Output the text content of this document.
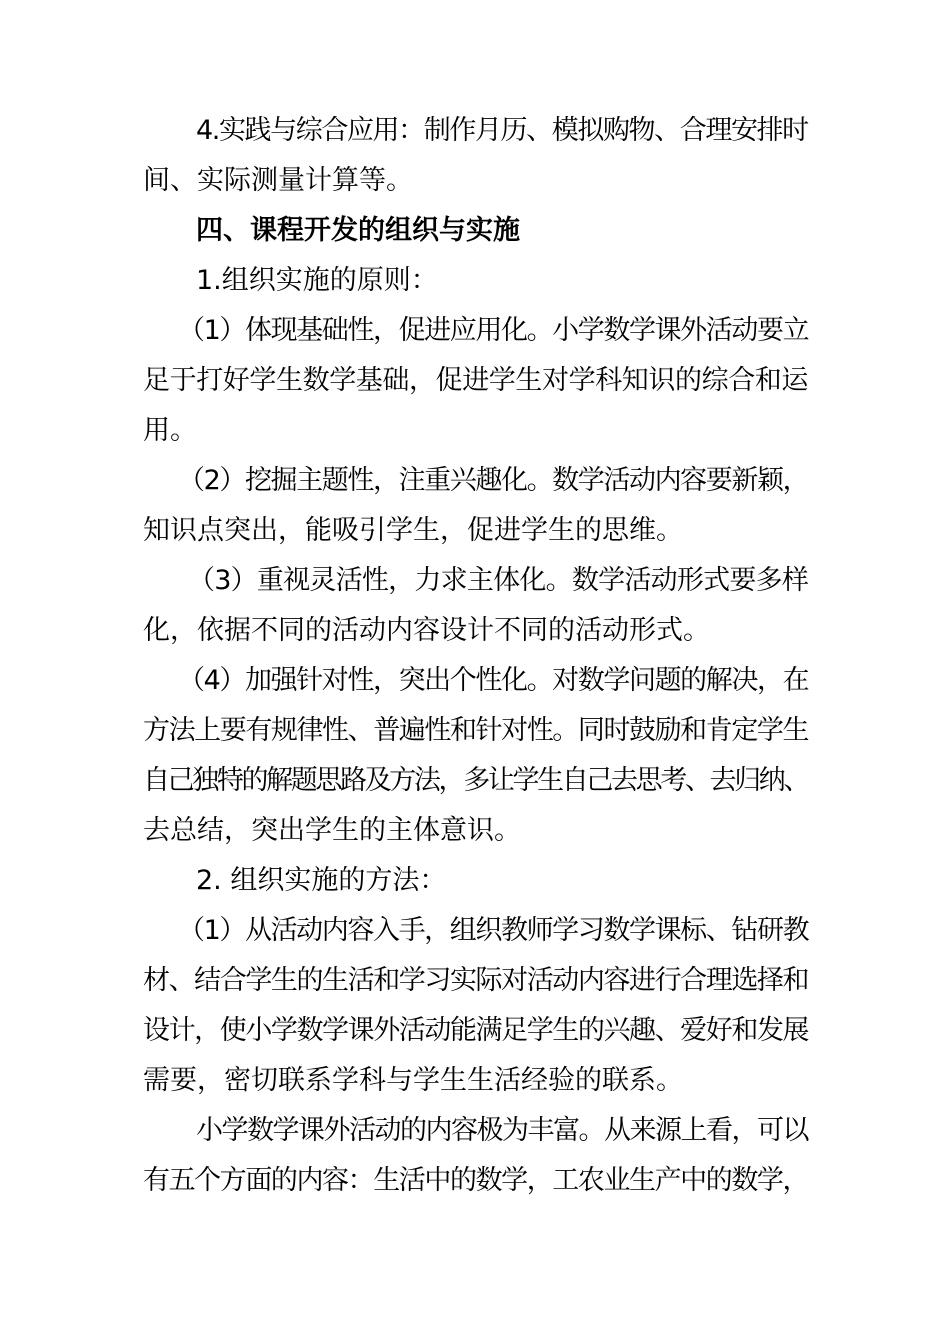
4.实践与综合应用：制作月历、模拟购物、合理安排时
间、实际测量计算等。
四、课程开发的组织与实施
1.组织实施的原则：
（1）体现基础性，促进应用化。小学数学课外活动要立
足于打好学生数学基础，促进学生对学科知识的综合和运
用。
（2）挖掘主题性，注重兴趣化。数学活动内容要新颖，
知识点突出，能吸引学生，促进学生的思维。
（3）重视灵活性，力求主体化。数学活动形式要多样
化，依据不同的活动内容设计不同的活动形式。
（4）加强针对性，突出个性化。对数学问题的解决，在
方法上要有规律性、普遍性和针对性。同时鼓励和肯定学生
自己独特的解题思路及方法，多让学生自己去思考、去归纳、
去总结，突出学生的主体意识。
2. 组织实施的方法：
（1）从活动内容入手，组织教师学习数学课标、钻研教
材、结合学生的生活和学习实际对活动内容进行合理选择和
设计，使小学数学课外活动能满足学生的兴趣、爱好和发展
需要，密切联系学科与学生生活经验的联系。
小学数学课外活动的内容极为丰富。从来源上看，可以
有五个方面的内容：生活中的数学，工农业生产中的数学，
